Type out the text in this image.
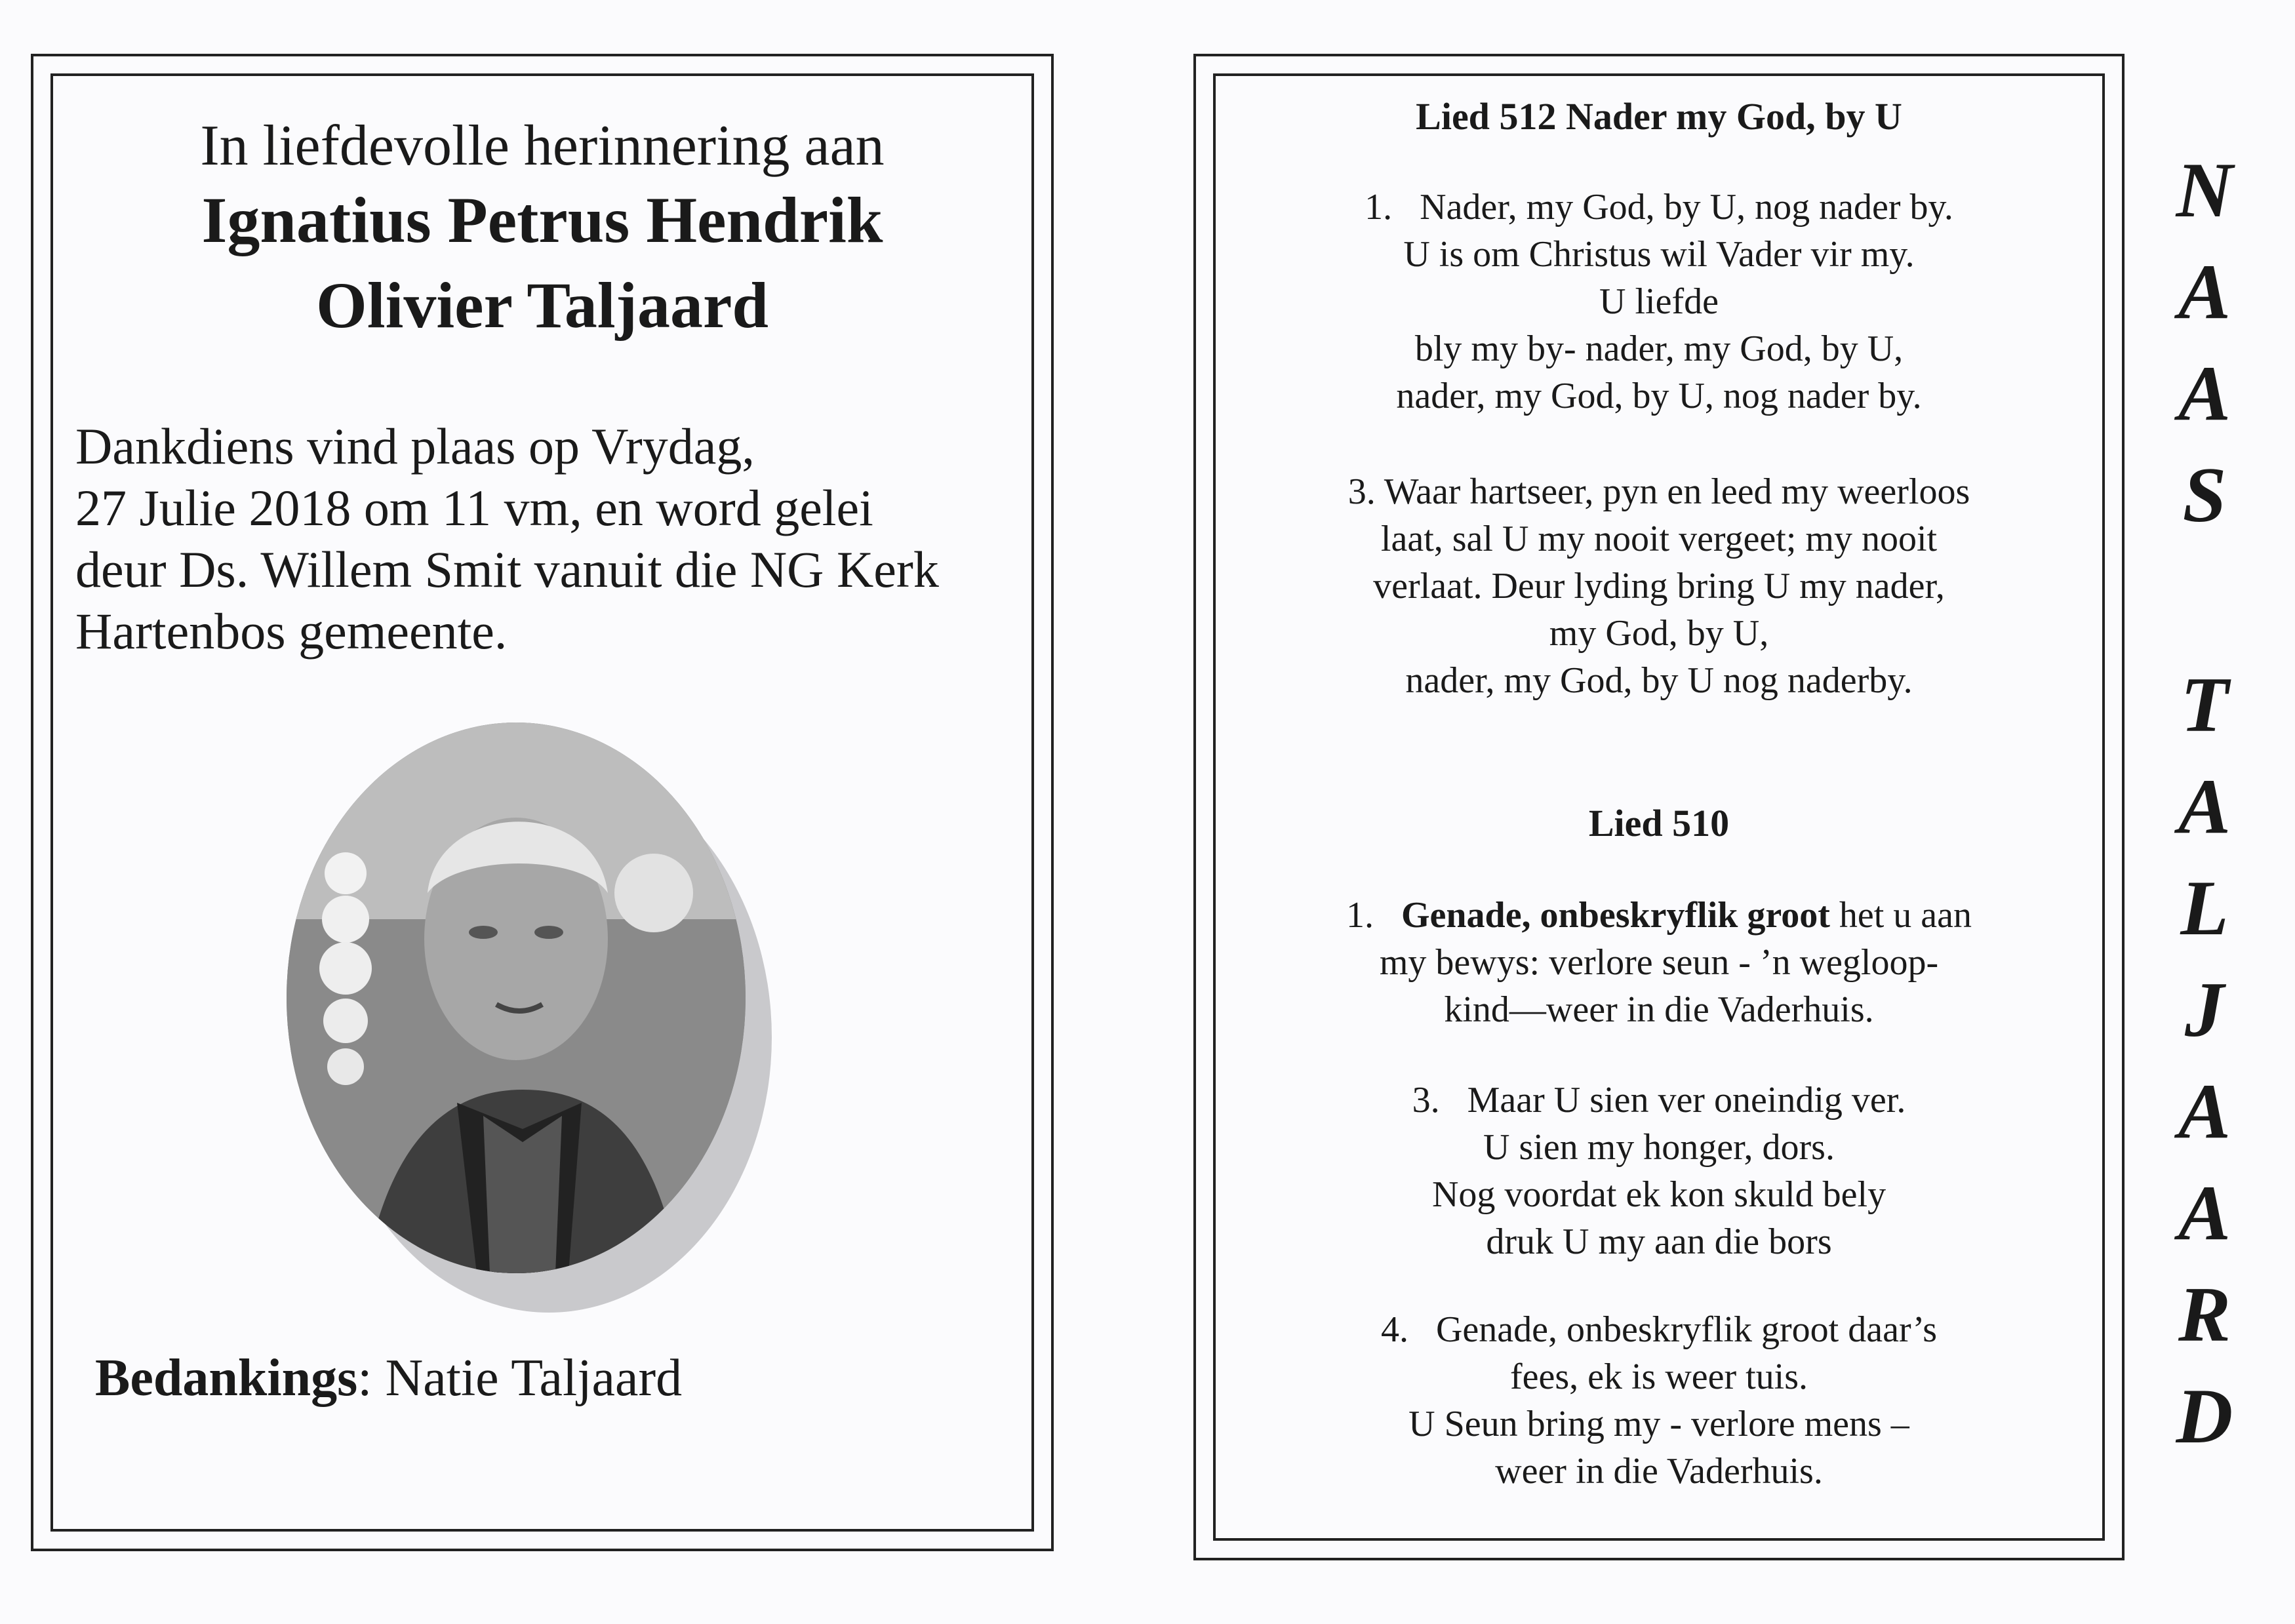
In liefdevolle herinnering aan
Ignatius Petrus Hendrik
Olivier Taljaard
Dankdiens vind plaas op Vrydag,
27 Julie 2018 om 11 vm, en word gelei
deur Ds. Willem Smit vanuit die NG Kerk
Hartenbos gemeente.
Bedankings: Natie Taljaard
Lied 512 Nader my God, by U
1. Nader, my God, by U, nog nader by.
U is om Christus wil Vader vir my.
U liefde
bly my by- nader, my God, by U,
nader, my God, by U, nog nader by.
3. Waar hartseer, pyn en leed my weerloos
laat, sal U my nooit vergeet; my nooit
verlaat. Deur lyding bring U my nader,
my God, by U,
nader, my God, by U nog naderby.
Lied 510
1. Genade, onbeskryflik groot het u aan
my bewys: verlore seun - ’n wegloop-
kind—weer in die Vaderhuis.
3. Maar U sien ver oneindig ver.
U sien my honger, dors.
Nog voordat ek kon skuld bely
druk U my aan die bors
4. Genade, onbeskryflik groot daar’s
fees, ek is weer tuis.
U Seun bring my - verlore mens –
weer in die Vaderhuis.
N
A
A
S
T
A
L
J
A
A
R
D
